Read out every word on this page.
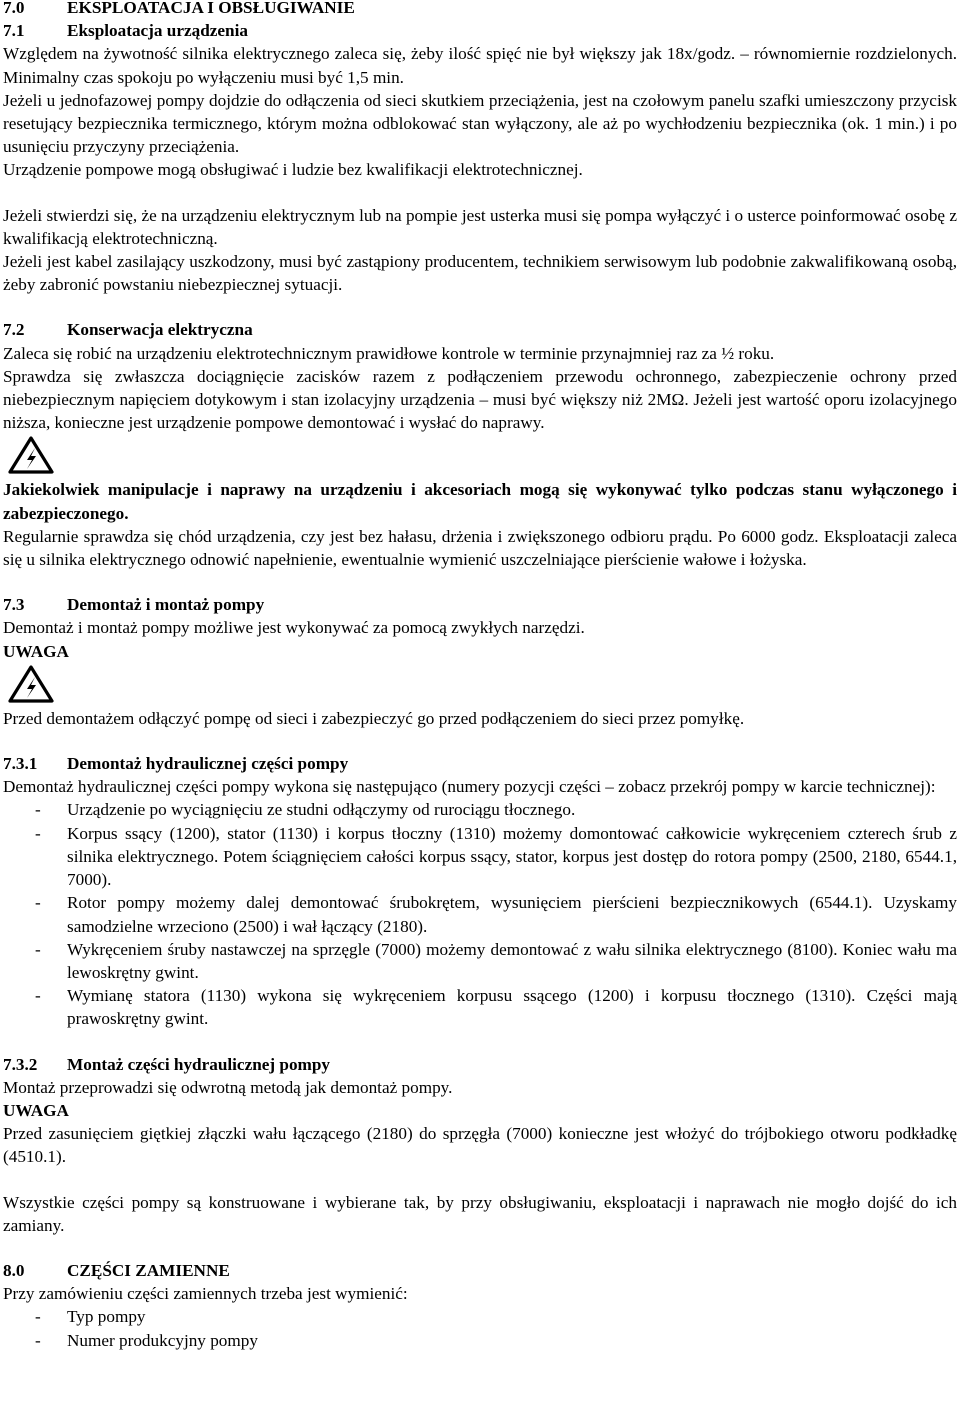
7.0 EKSPLOATACJA I OBSŁUGIWANIE
7.1 Eksploatacja urządzenia

Względem na żywotność silnika elektrycznego zaleca się, żeby ilość spięć nie był większy jak 18x/godz. – równomiernie rozdzielonych. Minimalny czas spokoju po wyłączeniu musi być 1,5 min.

Jeżeli u jednofazowej pompy dojdzie do odłączenia od sieci skutkiem przeciążenia, jest na czołowym panelu szafki umieszczony przycisk resetujący bezpiecznika termicznego, którym można odblokować stan wyłączony, ale aż po wychłodzeniu bezpiecznika (ok. 1 min.) i po usunięciu przyczyny przeciążenia.

Urządzenie pompowe mogą obsługiwać i ludzie bez kwalifikacji elektrotechnicznej.

Jeżeli stwierdzi się, że na urządzeniu elektrycznym lub na pompie jest usterka musi się pompa wyłączyć i o usterce poinformować osobę z kwalifikacją elektrotechniczną.

Jeżeli jest kabel zasilający uszkodzony, musi być zastąpiony producentem, technikiem serwisowym lub podobnie zakwalifikowaną osobą, żeby zabronić powstaniu niebezpiecznej sytuacji.

7.2 Konserwacja elektryczna

Zaleca się robić na urządzeniu elektrotechnicznym prawidłowe kontrole w terminie przynajmniej raz za ½ roku.

Sprawdza się zwłaszcza dociągnięcie zacisków razem z podłączeniem przewodu ochronnego, zabezpieczenie ochrony przed niebezpiecznym napięciem dotykowym i stan izolacyjny urządzenia – musi być większy niż 2MΩ. Jeżeli jest wartość oporu izolacyjnego niższa, konieczne jest urządzenie pompowe demontować i wysłać do naprawy.

Jakiekolwiek manipulacje i naprawy na urządzeniu i akcesoriach mogą się wykonywać tylko podczas stanu wyłączonego i zabezpieczonego.

Regularnie sprawdza się chód urządzenia, czy jest bez hałasu, drżenia i zwiększonego odbioru prądu. Po 6000 godz. Eksploatacji zaleca się u silnika elektrycznego odnowić napełnienie, ewentualnie wymienić uszczelniające pierścienie wałowe i łożyska.

7.3 Demontaż i montaż pompy

Demontaż i montaż pompy możliwe jest wykonywać za pomocą zwykłych narzędzi.

UWAGA

Przed demontażem odłączyć pompę od sieci i zabezpieczyć go przed podłączeniem do sieci przez pomyłkę.

7.3.1 Demontaż hydraulicznej części pompy

Demontaż hydraulicznej części pompy wykona się następująco (numery pozycji części – zobacz przekrój pompy w karcie technicznej):

- Urządzenie po wyciągnięciu ze studni odłączymy od rurociągu tłocznego.
- Korpus ssący (1200), stator (1130) i korpus tłoczny (1310) możemy domontować całkowicie wykręceniem czterech śrub z silnika elektrycznego. Potem ściągnięciem całości korpus ssący, stator, korpus jest dostęp do rotora pompy (2500, 2180, 6544.1, 7000).
- Rotor pompy możemy dalej demontować śrubokrętem, wysunięciem pierścieni bezpiecznikowych (6544.1). Uzyskamy samodzielne wrzeciono (2500) i wał łączący (2180).
- Wykręceniem śruby nastawczej na sprzęgle (7000) możemy demontować z wału silnika elektrycznego (8100). Koniec wału ma lewoskrętny gwint.
- Wymianę statora (1130) wykona się wykręceniem korpusu ssącego (1200) i korpusu tłocznego (1310). Części mają prawoskrętny gwint.
7.3.2 Montaż części hydraulicznej pompy

Montaż przeprowadzi się odwrotną metodą jak demontaż pompy.

UWAGA

Przed zasunięciem giętkiej złączki wału łączącego (2180) do sprzęgła (7000) konieczne jest włożyć do trójbokiego otworu podkładkę (4510.1).

Wszystkie części pompy są konstruowane i wybierane tak, by przy obsługiwaniu, eksploatacji i naprawach nie mogło dojść do ich zamiany.

8.0 CZĘŚCI ZAMIENNE

Przy zamówieniu części zamiennych trzeba jest wymienić:

- Typ pompy
- Numer produkcyjny pompy
